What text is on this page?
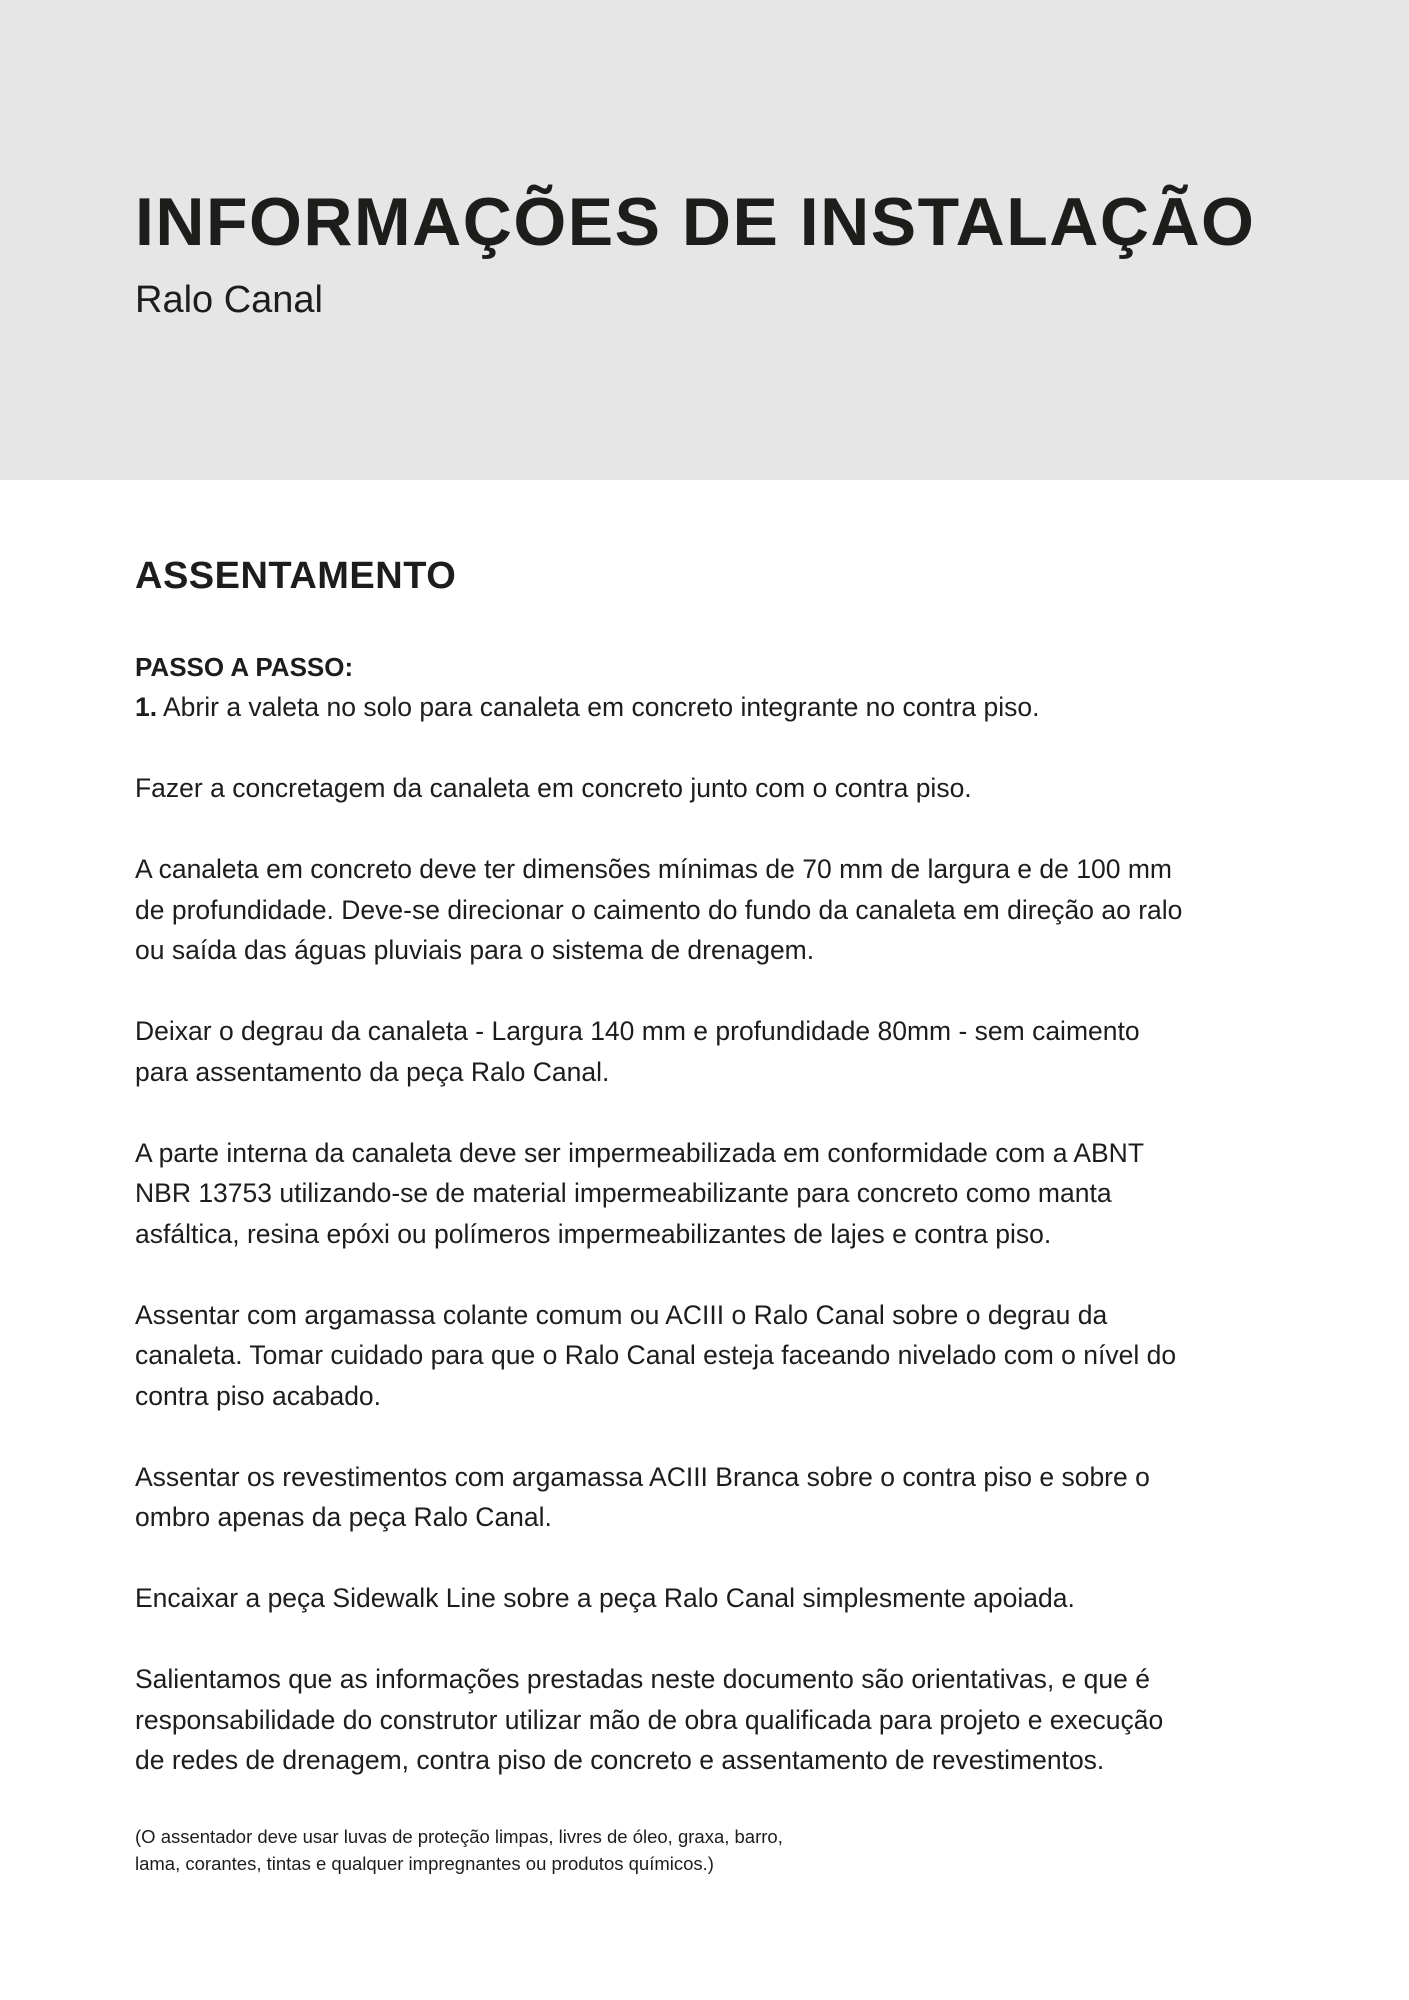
INFORMAÇÕES DE INSTALAÇÃO
Ralo Canal
ASSENTAMENTO
PASSO A PASSO:

1. Abrir a valeta no solo para canaleta em concreto integrante no contra piso.

Fazer a concretagem da canaleta em concreto junto com o contra piso.

A canaleta em concreto deve ter dimensões mínimas de 70 mm de largura e de 100 mm
de profundidade. Deve-se direcionar o caimento do fundo da canaleta em direção ao ralo
ou saída das águas pluviais para o sistema de drenagem.

Deixar o degrau da canaleta - Largura 140 mm e profundidade 80mm - sem caimento
para assentamento da peça Ralo Canal.

A parte interna da canaleta deve ser impermeabilizada em conformidade com a ABNT
NBR 13753 utilizando-se de material impermeabilizante para concreto como manta
asfáltica, resina epóxi ou polímeros impermeabilizantes de lajes e contra piso.

Assentar com argamassa colante comum ou ACIII o Ralo Canal sobre o degrau da
canaleta. Tomar cuidado para que o Ralo Canal esteja faceando nivelado com o nível do
contra piso acabado.

Assentar os revestimentos com argamassa ACIII Branca sobre o contra piso e sobre o
ombro apenas da peça Ralo Canal.

Encaixar a peça Sidewalk Line sobre a peça Ralo Canal simplesmente apoiada.

Salientamos que as informações prestadas neste documento são orientativas, e que é
responsabilidade do construtor utilizar mão de obra qualificada para projeto e execução
de redes de drenagem, contra piso de concreto e assentamento de revestimentos.

(O assentador deve usar luvas de proteção limpas, livres de óleo, graxa, barro,

lama, corantes, tintas e qualquer impregnantes ou produtos químicos.)
